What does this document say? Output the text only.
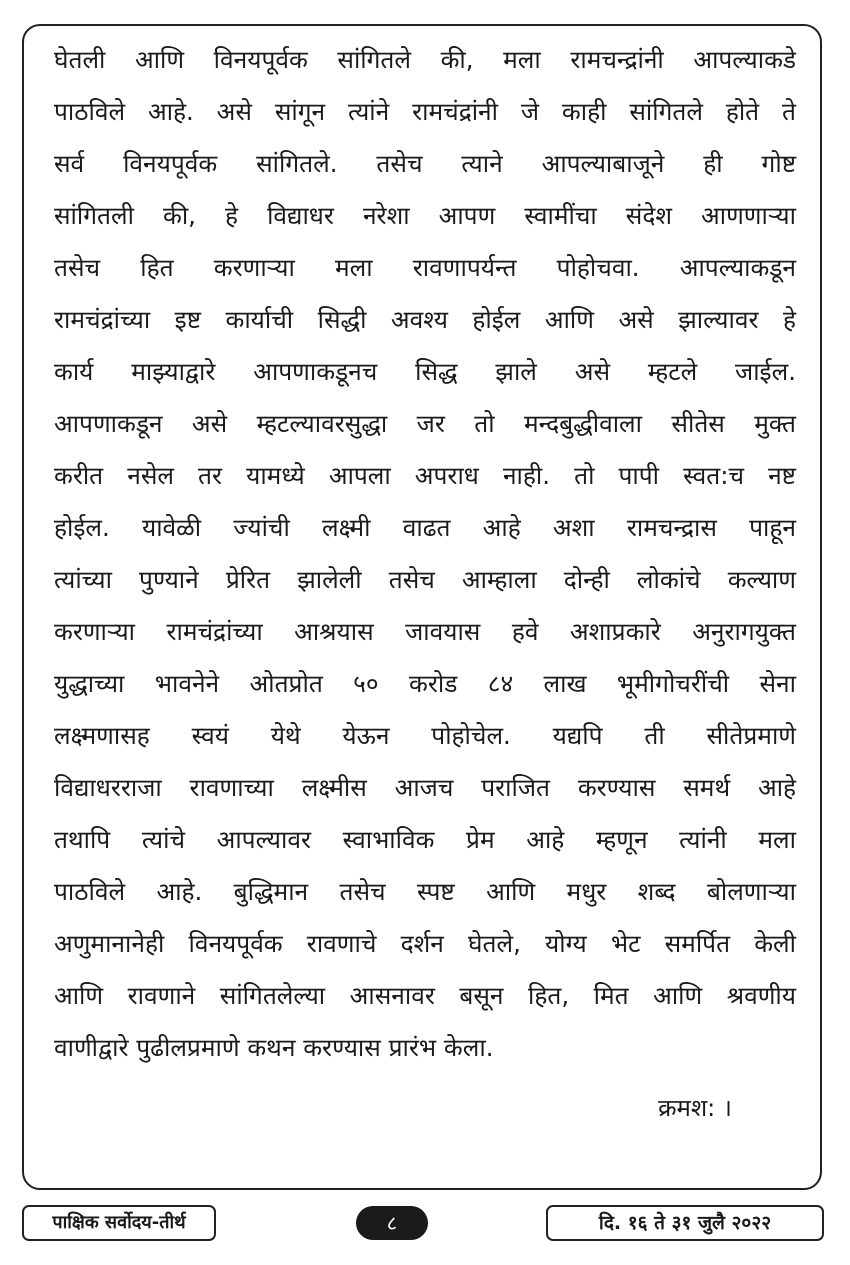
घेतली आणि विनयपूर्वक सांगितले की, मला रामचन्द्रांनी आपल्याकडे
पाठविले आहे. असे सांगून त्यांने रामचंद्रांनी जे काही सांगितले होते ते
सर्व विनयपूर्वक सांगितले. तसेच त्याने आपल्याबाजूने ही गोष्ट
सांगितली की, हे विद्याधर नरेशा आपण स्वामींचा संदेश आणणाऱ्या
तसेच हित करणाऱ्या मला रावणापर्यन्त पोहोचवा. आपल्याकडून
रामचंद्रांच्या इष्ट कार्याची सिद्धी अवश्य होईल आणि असे झाल्यावर हे
कार्य माझ्याद्वारे आपणाकडूनच सिद्ध झाले असे म्हटले जाईल.
आपणाकडून असे म्हटल्यावरसुद्धा जर तो मन्दबुद्धीवाला सीतेस मुक्त
करीत नसेल तर यामध्ये आपला अपराध नाही. तो पापी स्वत:च नष्ट
होईल. यावेळी ज्यांची लक्ष्मी वाढत आहे अशा रामचन्द्रास पाहून
त्यांच्या पुण्याने प्रेरित झालेली तसेच आम्हाला दोन्ही लोकांचे कल्याण
करणाऱ्या रामचंद्रांच्या आश्रयास जावयास हवे अशाप्रकारे अनुरागयुक्त
युद्धाच्या भावनेने ओतप्रोत ५० करोड ८४ लाख भूमीगोचरींची सेना
लक्ष्मणासह स्वयं येथे येऊन पोहोचेल. यद्यपि ती सीतेप्रमाणे
विद्याधरराजा रावणाच्या लक्ष्मीस आजच पराजित करण्यास समर्थ आहे
तथापि त्यांचे आपल्यावर स्वाभाविक प्रेम आहे म्हणून त्यांनी मला
पाठविले आहे. बुद्धिमान तसेच स्पष्ट आणि मधुर शब्द बोलणाऱ्या
अणुमानानेही विनयपूर्वक रावणाचे दर्शन घेतले, योग्य भेट समर्पित केली
आणि रावणाने सांगितलेल्या आसनावर बसून हित, मित आणि श्रवणीय
वाणीद्वारे पुढीलप्रमाणे कथन करण्यास प्रारंभ केला.
क्रमश: ।
पाक्षिक सर्वोदय-तीर्थ	८	दि. १६ ते ३१ जुलै २०२२
